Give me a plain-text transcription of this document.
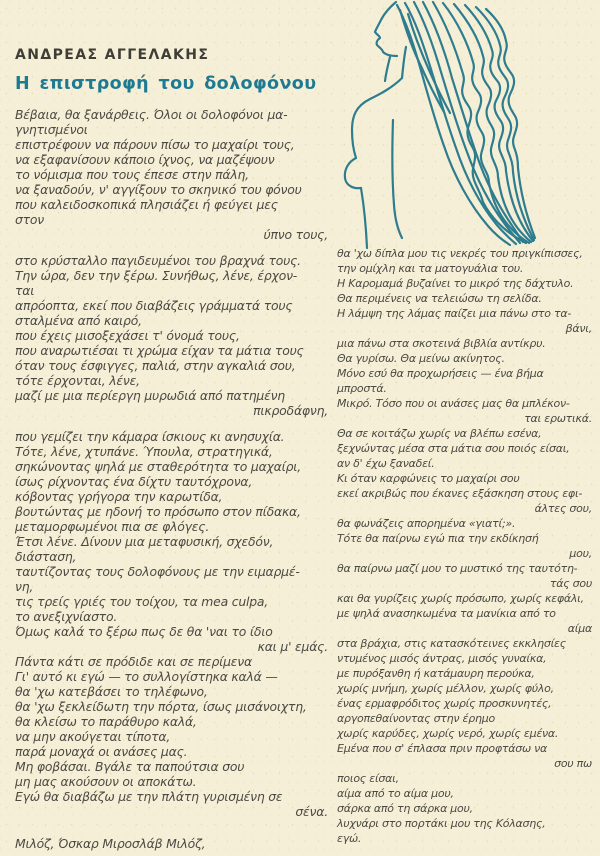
ΑΝΔΡΕΑΣ ΑΓΓΕΛΑΚΗΣ
Η επιστροφή του δολοφόνου
Βέβαια, θα ξανάρθεις. Όλοι οι δολοφόνοι μα-
γνητισμένοι
επιστρέφουν να πάρουν πίσω το μαχαίρι τους,
να εξαφανίσουν κάποιο ίχνος, να μαζέψουν
το νόμισμα που τους έπεσε στην πάλη,
να ξαναδούν, ν' αγγίξουν το σκηνικό του φόνου
που καλειδοσκοπικά πλησιάζει ή φεύγει μες
στον
ύπνο τους,
στο κρύσταλλο παγιδευμένοι του βραχνά τους.
Την ώρα, δεν την ξέρω. Συνήθως, λένε, έρχον-
ται
απρόοπτα, εκεί που διαβάζεις γράμματά τους
σταλμένα από καιρό,
που έχεις μισοξεχάσει τ' όνομά τους,
που αναρωτιέσαι τι χρώμα είχαν τα μάτια τους
όταν τους έσφιγγες, παλιά, στην αγκαλιά σου,
τότε έρχονται, λένε,
μαζί με μια περίεργη μυρωδιά από πατημένη
πικροδάφνη,
που γεμίζει την κάμαρα ίσκιους κι ανησυχία.
Τότε, λένε, χτυπάνε. Ύπουλα, στρατηγικά,
σηκώνοντας ψηλά με σταθερότητα το μαχαίρι,
ίσως ρίχνοντας ένα δίχτυ ταυτόχρονα,
κόβοντας γρήγορα την καρωτίδα,
βουτώντας με ηδονή το πρόσωπο στον πίδακα,
μεταμορφωμένοι πια σε φλόγες.
Έτσι λένε. Δίνουν μια μεταφυσική, σχεδόν,
διάσταση,
ταυτίζοντας τους δολοφόνους με την ειμαρμέ-
νη,
τις τρείς γριές του τοίχου, τα mea culpa,
το ανεξιχνίαστο.
Όμως καλά το ξέρω πως δε θα 'ναι το ίδιο
και μ' εμάς.
Πάντα κάτι σε πρόδιδε και σε περίμενα
Γι' αυτό κι εγώ — το συλλογίστηκα καλά —
θα 'χω κατεβάσει το τηλέφωνο,
θα 'χω ξεκλείδωτη την πόρτα, ίσως μισάνοιχτη,
θα κλείσω το παράθυρο καλά,
να μην ακούγεται τίποτα,
παρά μοναχά οι ανάσες μας.
Μη φοβάσαι. Βγάλε τα παπούτσια σου
μη μας ακούσουν οι αποκάτω.
Εγώ θα διαβάζω με την πλάτη γυρισμένη σε
σένα.
Μιλόζ, Όσκαρ Μιροσλάβ Μιλόζ,
θα 'χω δίπλα μου τις νεκρές του πριγκίπισσες,
την ομίχλη και τα ματογυάλια του.
Η Καρομαμά βυζαίνει το μικρό της δάχτυλο.
Θα περιμένεις να τελειώσω τη σελίδα.
Η λάμψη της λάμας παίζει μια πάνω στο τα-
βάνι,
μια πάνω στα σκοτεινά βιβλία αντίκρυ.
Θα γυρίσω. Θα μείνω ακίνητος.
Μόνο εσύ θα προχωρήσεις — ένα βήμα
μπροστά.
Μικρό. Τόσο που οι ανάσες μας θα μπλέκον-
ται ερωτικά.
Θα σε κοιτάζω χωρίς να βλέπω εσένα,
ξεχνώντας μέσα στα μάτια σου ποιός είσαι,
αν δ' έχω ξαναδεί.
Κι όταν καρφώνεις το μαχαίρι σου
εκεί ακριβώς που έκανες εξάσκηση στους εφι-
άλτες σου,
θα φωνάζεις απορημένα «γιατί;».
Τότε θα παίρνω εγώ πια την εκδίκησή
μου,
θα παίρνω μαζί μου το μυστικό της ταυτότη-
τάς σου
και θα γυρίζεις χωρίς πρόσωπο, χωρίς κεφάλι,
με ψηλά ανασηκωμένα τα μανίκια από το
αίμα
στα βράχια, στις κατασκότεινες εκκλησίες
ντυμένος μισός άντρας, μισός γυναίκα,
με πυρόξανθη ή κατάμαυρη περούκα,
χωρίς μνήμη, χωρίς μέλλον, χωρίς φύλο,
ένας ερμαφρόδιτος χωρίς προσκυνητές,
αργοπεθαίνοντας στην έρημο
χωρίς καρύδες, χωρίς νερό, χωρίς εμένα.
Εμένα που σ' έπλασα πριν προφτάσω να
σου πω
ποιος είσαι,
αίμα από το αίμα μου,
σάρκα από τη σάρκα μου,
λυχνάρι στο πορτάκι μου της Κόλασης,
εγώ.
